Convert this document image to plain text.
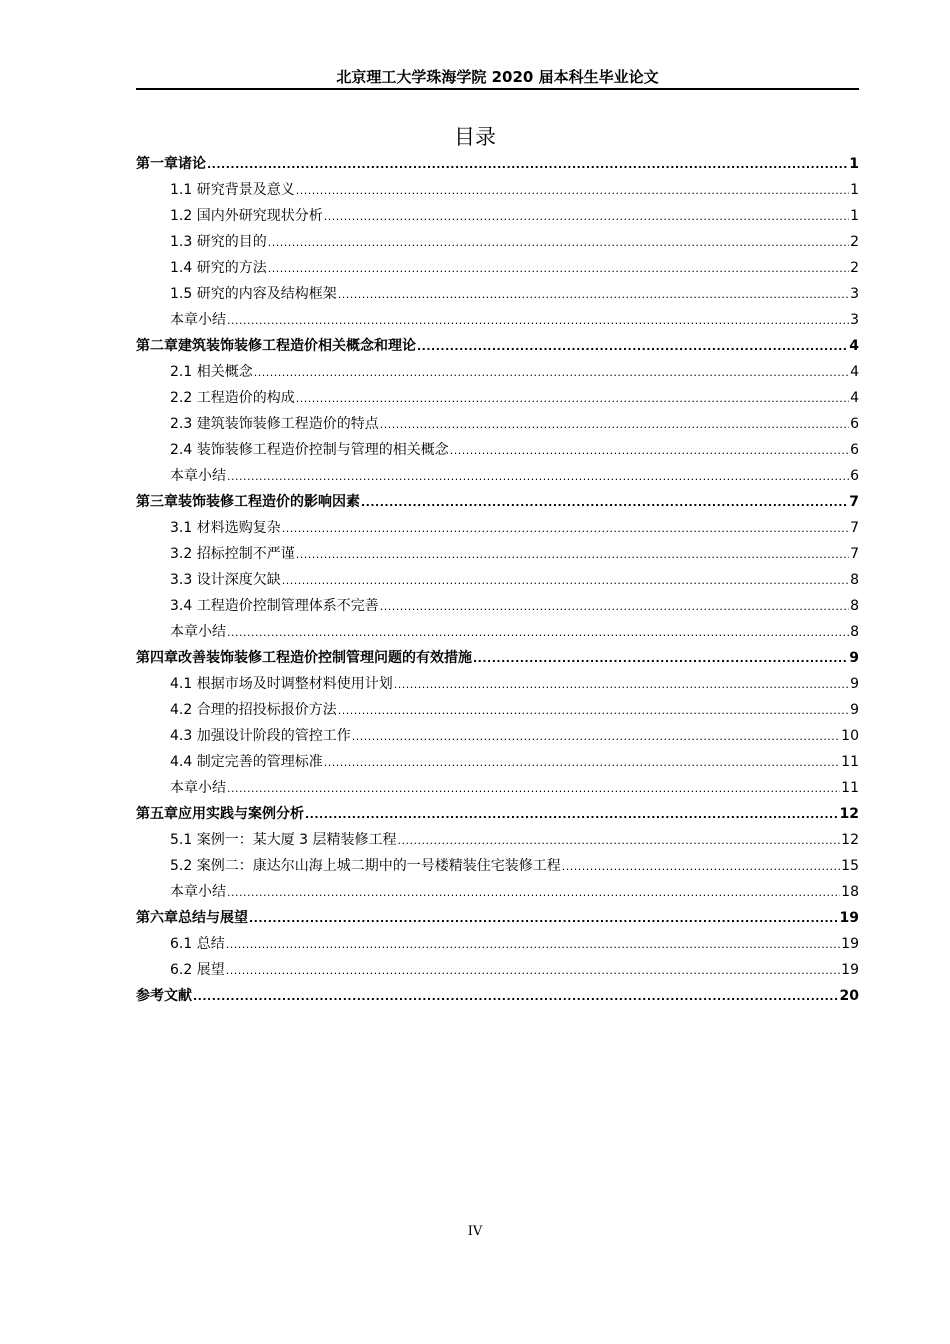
北京理工大学珠海学院 2020 届本科生毕业论文
目录
第一章诸论 .....	1
1.1 研究背景及意义 .....	1
1.2 国内外研究现状分析 .....	1
1.3 研究的目的 .....	2
1.4 研究的方法 .....	2
1.5 研究的内容及结构框架 .....	3
本章小结 .....	3
第二章建筑装饰装修工程造价相关概念和理论 .....	4
2.1 相关概念 .....	4
2.2 工程造价的构成 .....	4
2.3 建筑装饰装修工程造价的特点 .....	6
2.4 装饰装修工程造价控制与管理的相关概念 .....	6
本章小结 .....	6
第三章装饰装修工程造价的影响因素 .....	7
3.1 材料选购复杂 .....	7
3.2 招标控制不严谨 .....	7
3.3 设计深度欠缺 .....	8
3.4 工程造价控制管理体系不完善 .....	8
本章小结 .....	8
第四章改善装饰装修工程造价控制管理问题的有效措施 .....	9
4.1 根据市场及时调整材料使用计划 .....	9
4.2 合理的招投标报价方法 .....	9
4.3 加强设计阶段的管控工作 .....	10
4.4 制定完善的管理标准 .....	11
本章小结 .....	11
第五章应用实践与案例分析 .....	12
5.1 案例一：某大厦 3 层精装修工程 .....	12
5.2 案例二：康达尔山海上城二期中的一号楼精装住宅装修工程 .....	15
本章小结 .....	18
第六章总结与展望 .....	19
6.1 总结 .....	19
6.2 展望 .....	19
参考文献 .....	20
IV
